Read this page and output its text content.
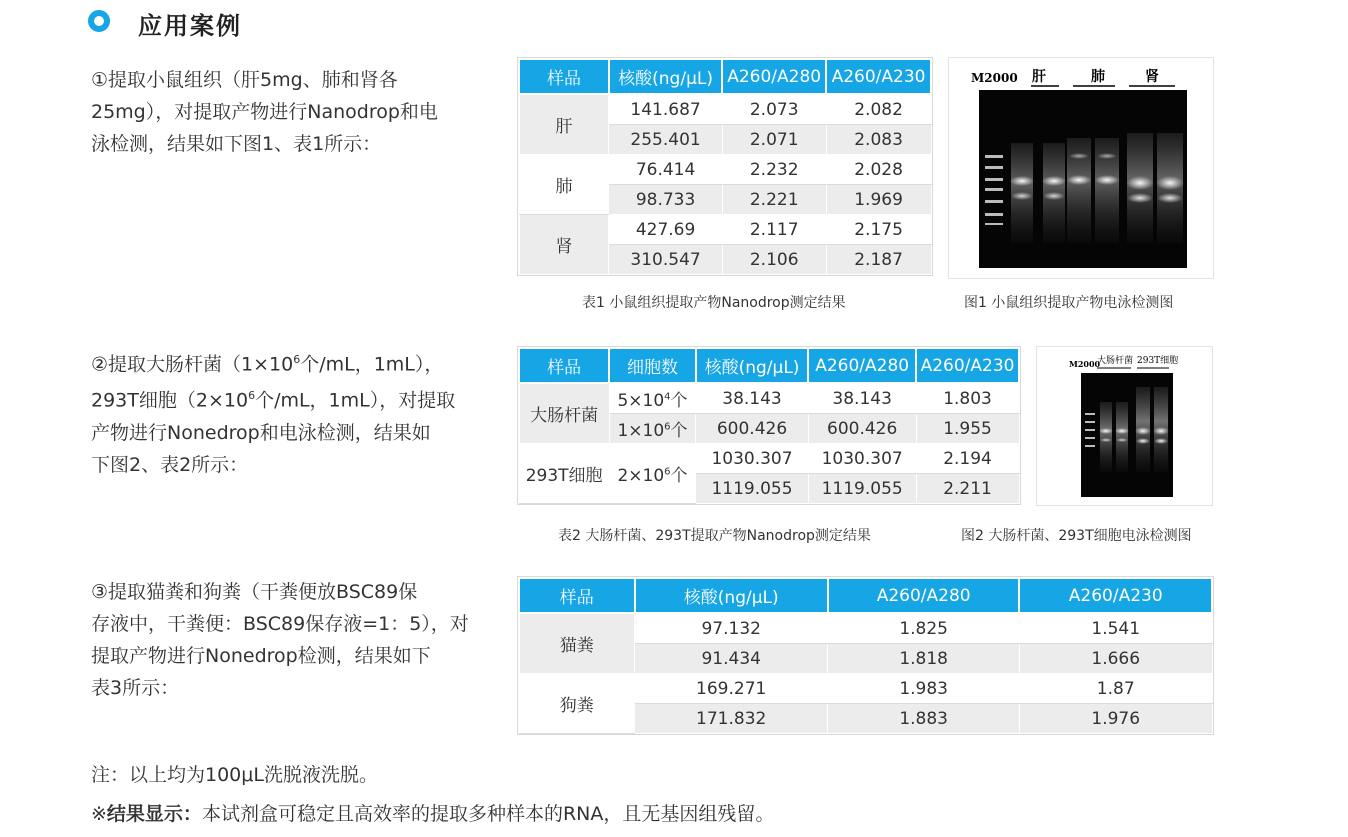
应用案例
①提取小鼠组织（肝5mg、肺和肾各
25mg），对提取产物进行Nanodrop和电
泳检测，结果如下图1、表1所示：
样品	核酸(ng/μL)	A260/A280	A260/A230
肝	141.687	2.073	2.082
	255.401	2.071	2.083
肺	76.414	2.232	2.028
	98.733	2.221	1.969
肾	427.69	2.117	2.175
	310.547	2.106	2.187
表1 小鼠组织提取产物Nanodrop测定结果
M2000 肝	肺	肾
图1 小鼠组织提取产物电泳检测图
②提取大肠杆菌（$1\times 10^6$个/mL，1mL），
293T细胞（$2\times 10^6$个/mL，1mL），对提取
产物进行Nonedrop和电泳检测，结果如
下图2、表2所示：
样品	细胞数	核酸(ng/μL)	A260/A280	A260/A230
大肠杆菌	$5\times 10^4$个	38.143	38.143	1.803
	$1\times 10^6$个	600.426	600.426	1.955
293T细胞	$2\times 10^6$个	1030.307	1030.307	2.194
		1119.055	1119.055	2.211
表2 大肠杆菌、293T提取产物Nanodrop测定结果
M2000
大肠杆菌 293T细胞
图2 大肠杆菌、293T细胞电泳检测图
③提取猫粪和狗粪（干粪便放BSC89保
存液中，干粪便：BSC89保存液=1：5），对
提取产物进行Nonedrop检测，结果如下
表3所示：
样品	核酸(ng/μL)	A260/A280	A260/A230
猫粪	97.132	1.825	1.541
	91.434	1.818	1.666
狗粪	169.271	1.983	1.87
	171.832	1.883	1.976
注：以上均为100μL洗脱液洗脱。
※结果显示：本试剂盒可稳定且高效率的提取多种样本的RNA，且无基因组残留。
